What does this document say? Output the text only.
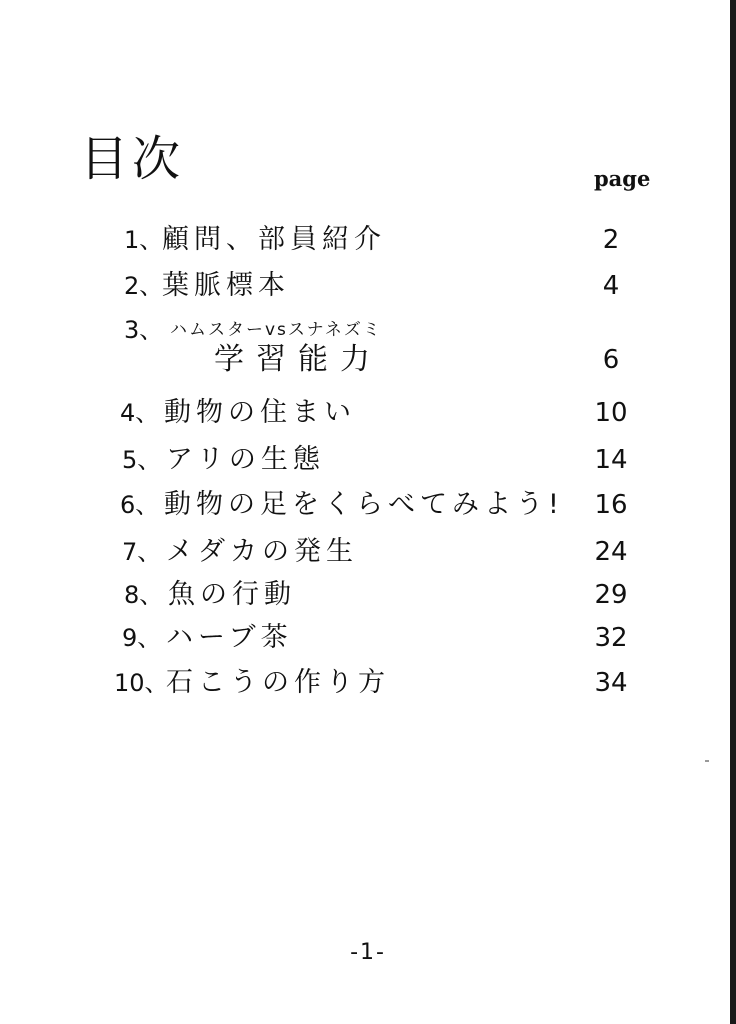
目次	page
1、
顧問、部員紹介	2
2、
葉脈標本	4
3、 ハムスターvsスナネズミ
学習能力	6
4、 動物の住まい	10
5、 アリの生態	14
6、 動物の足をくらべてみよう!	16
7、 メダカの発生	24
8、 魚の行動	29
9、 ハーブ茶	32
10、
石こうの作り方	34
-1-
